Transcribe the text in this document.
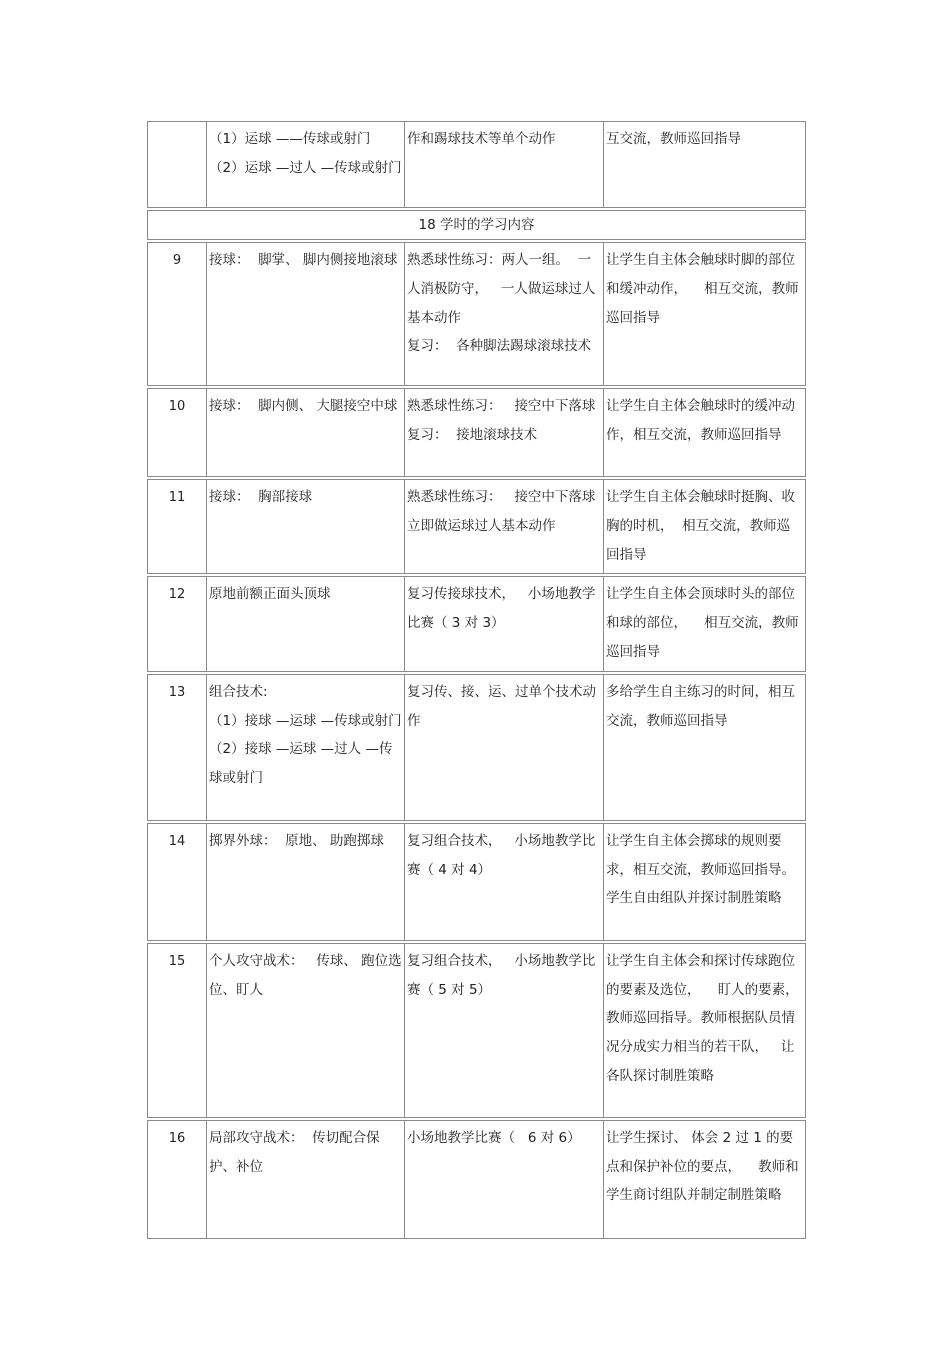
	（1）运球 ——传球或射门
（2）运球 —过人 —传球或射门	作和踢球技术等单个动作	互交流，教师巡回指导

18 学时的学习内容			

9	接球：  脚掌、 脚内侧接地滚球	熟悉球性练习：两人一组。  一人消极防守，   一人做运球过人基本动作
复习：  各种脚法踢球滚球技术	让学生自主体会触球时脚的部位和缓冲动作，    相互交流，教师巡回指导

10	接球：  脚内侧、 大腿接空中球	熟悉球性练习：   接空中下落球
复习：  接地滚球技术	让学生自主体会触球时的缓冲动作，相互交流，教师巡回指导

11	接球：  胸部接球	熟悉球性练习：   接空中下落球立即做运球过人基本动作	让学生自主体会触球时挺胸、收胸的时机，  相互交流，教师巡回指导

12	原地前额正面头顶球	复习传接球技术，   小场地教学比赛（ 3 对 3）	让学生自主体会顶球时头的部位和球的部位，    相互交流，教师巡回指导

13	组合技术:
（1）接球 —运球 —传球或射门
（2）接球 —运球 —过人 —传球或射门	复习传、接、运、过单个技术动作	多给学生自主练习的时间，相互交流，教师巡回指导

14	掷界外球：  原地、 助跑掷球	复习组合技术，   小场地教学比赛（ 4 对 4）	让学生自主体会掷球的规则要求，相互交流，教师巡回指导。 学生自由组队并探讨制胜策略

15	个人攻守战术：   传球、 跑位选位、盯人	复习组合技术，   小场地教学比赛（ 5 对 5）	让学生自主体会和探讨传球跑位的要素及选位，    盯人的要素，教师巡回指导。教师根据队员情况分成实力相当的若干队，   让各队探讨制胜策略

16	局部攻守战术：  传切配合保护、补位	小场地教学比赛（   6 对 6）	让学生探讨、 体会 2 过 1 的要点和保护补位的要点，    教师和学生商讨组队并制定制胜策略
